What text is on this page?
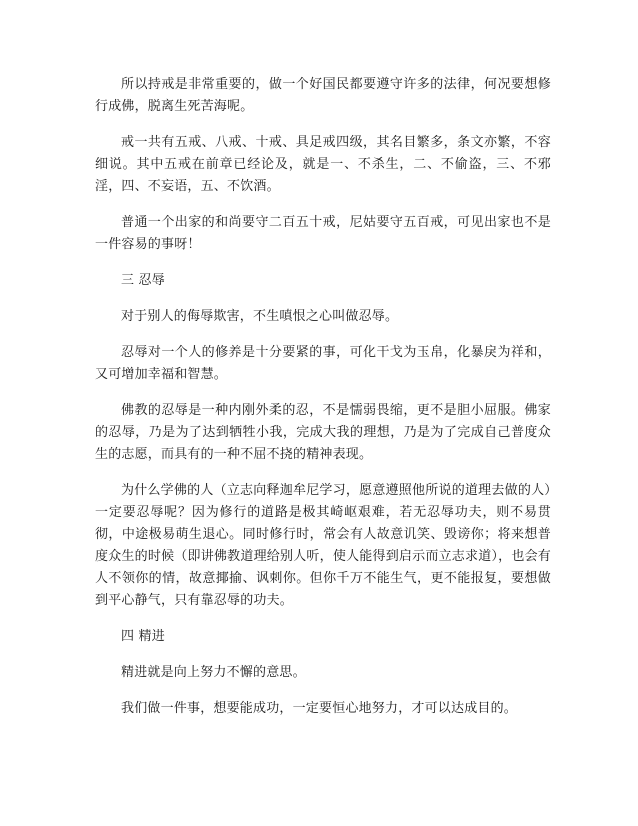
所以持戒是非常重要的，做一个好国民都要遵守许多的法律，何况要想修行成佛，脱离生死苦海呢。

戒一共有五戒、八戒、十戒、具足戒四级，其名目繁多，条文亦繁，不容细说。其中五戒在前章已经论及，就是一、不杀生，二、不偷盗，三、不邪淫，四、不妄语，五、不饮酒。

普通一个出家的和尚要守二百五十戒，尼姑要守五百戒，可见出家也不是一件容易的事呀！

三 忍辱

对于别人的侮辱欺害，不生嗔恨之心叫做忍辱。

忍辱对一个人的修养是十分要紧的事，可化干戈为玉帛，化暴戾为祥和，又可增加幸福和智慧。

佛教的忍辱是一种内刚外柔的忍，不是懦弱畏缩，更不是胆小屈服。佛家的忍辱，乃是为了达到牺牲小我，完成大我的理想，乃是为了完成自己普度众生的志愿，而具有的一种不屈不挠的精神表现。

为什么学佛的人（立志向释迦牟尼学习，愿意遵照他所说的道理去做的人）一定要忍辱呢？因为修行的道路是极其崎岖艰难，若无忍辱功夫，则不易贯彻，中途极易萌生退心。同时修行时，常会有人故意讥笑、毁谤你；将来想普度众生的时候（即讲佛教道理给别人听，使人能得到启示而立志求道），也会有人不领你的情，故意揶揄、讽刺你。但你千万不能生气，更不能报复，要想做到平心静气，只有靠忍辱的功夫。

四 精进

精进就是向上努力不懈的意思。

我们做一件事，想要能成功，一定要恒心地努力，才可以达成目的。
